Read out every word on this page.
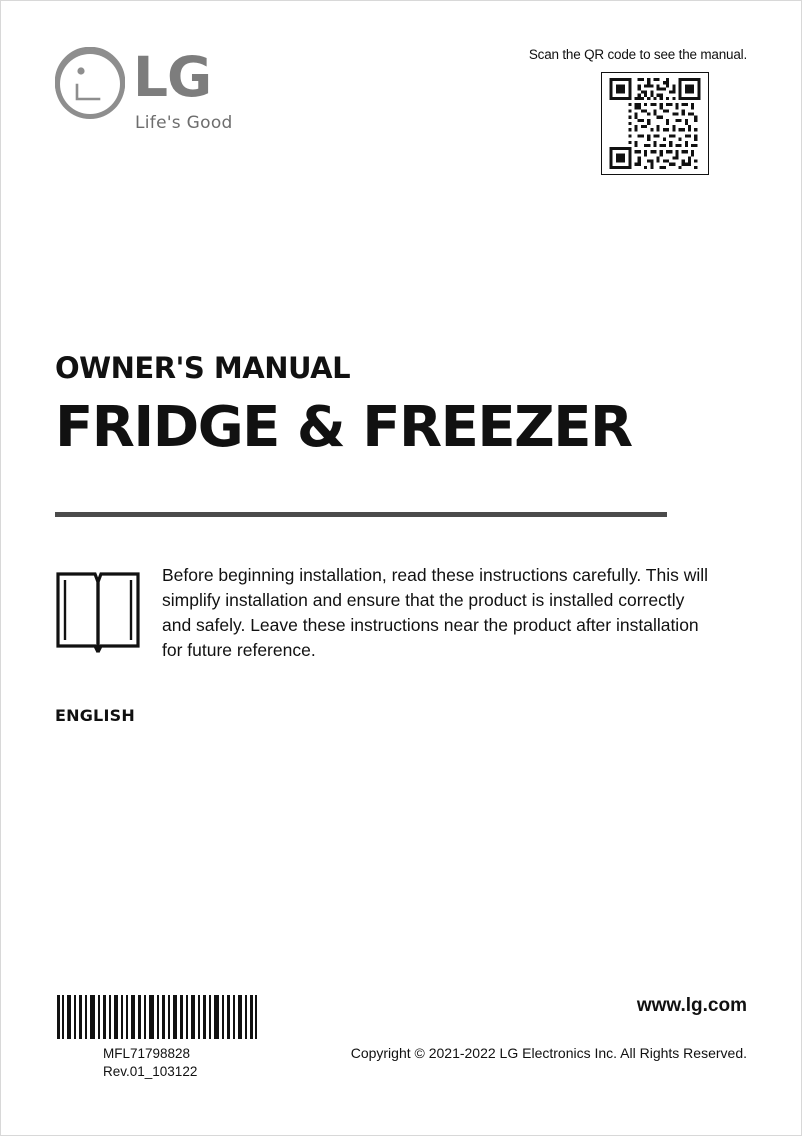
LG
Life's Good
Scan the QR code to see the manual.
OWNER'S MANUAL
FRIDGE & FREEZER
Before beginning installation, read these instructions carefully. This will simplify installation and ensure that the product is installed correctly and safely. Leave these instructions near the product after installation for future reference.
ENGLISH
MFL71798828
Rev.01_103122
www.lg.com
Copyright © 2021-2022 LG Electronics Inc. All Rights Reserved.
